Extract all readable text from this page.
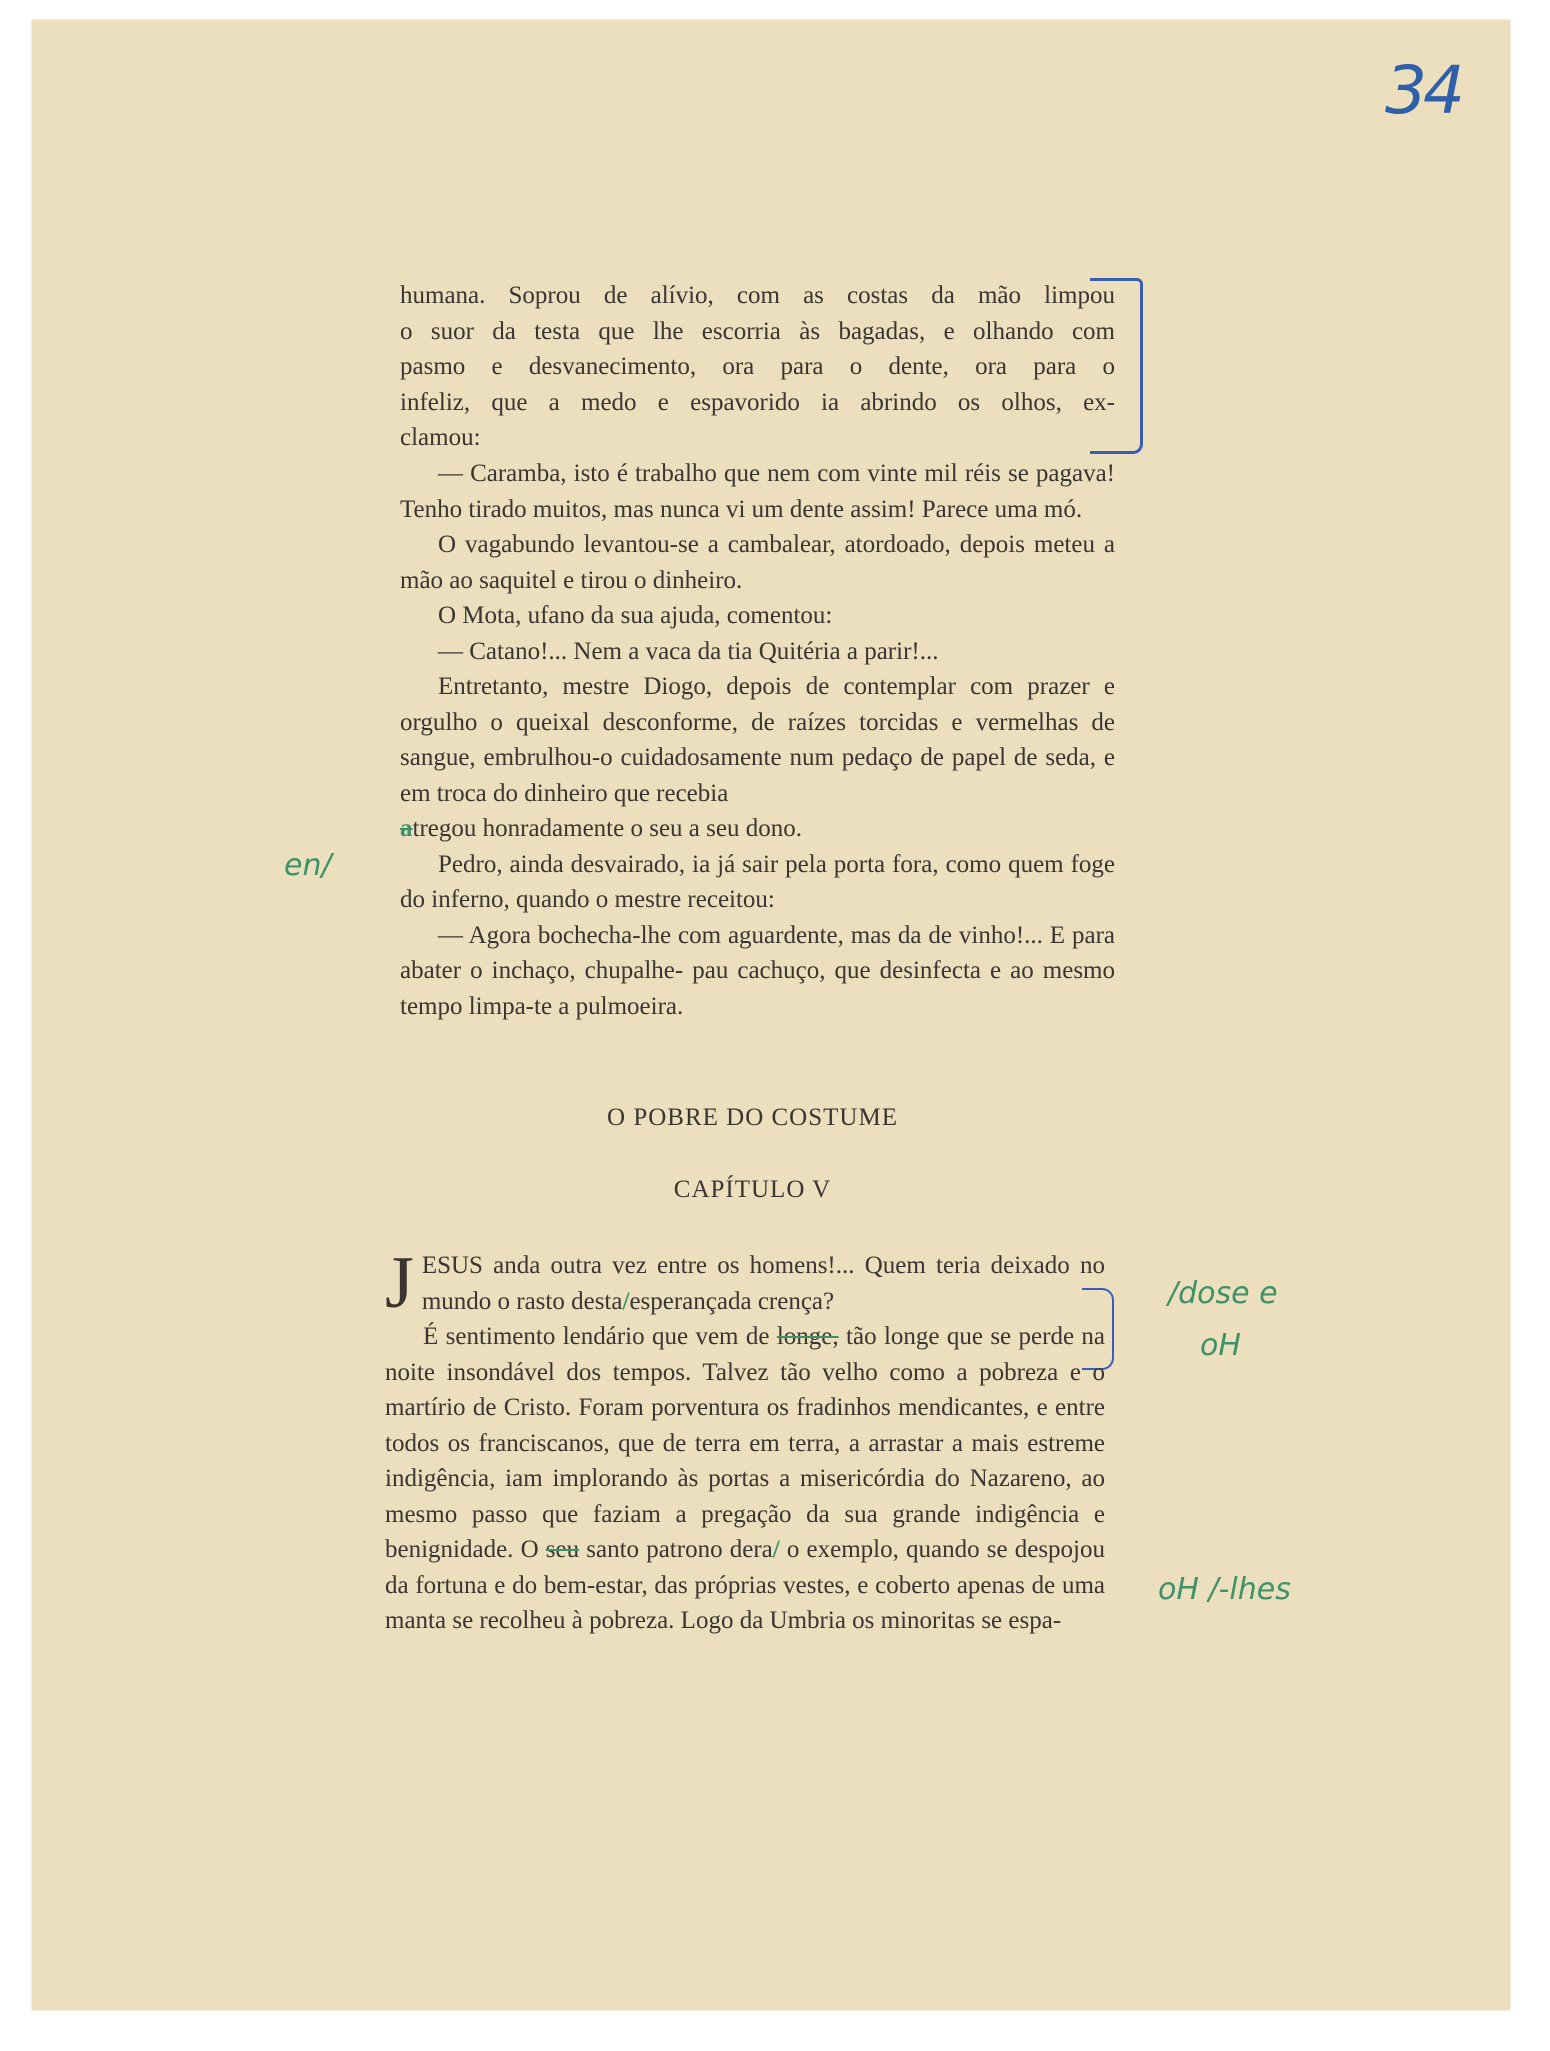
34
humana. Soprou de alívio, com as costas da mão limpou
o suor da testa que lhe escorria às bagadas, e olhando com
pasmo e desvanecimento, ora para o dente, ora para o
infeliz, que a medo e espavorido ia abrindo os olhos, ex-
clamou:
— Caramba, isto é trabalho que nem com vinte mil réis se pagava! Tenho tirado muitos, mas nunca vi um dente assim! Parece uma mó.
O vagabundo levantou-se a cambalear, atordoado, depois meteu a mão ao saquitel e tirou o dinheiro.
O Mota, ufano da sua ajuda, comentou:
— Catano!... Nem a vaca da tia Quitéria a parir!...
Entretanto, mestre Diogo, depois de contemplar com prazer e orgulho o queixal desconforme, de raízes torcidas e vermelhas de sangue, embrulhou-o cuidadosamente num pedaço de papel de seda, e em troca do dinheiro que recebia
atregou honradamente o seu a seu dono.
Pedro, ainda desvairado, ia já sair pela porta fora, como quem foge do inferno, quando o mestre receitou:
— Agora bochecha-lhe com aguardente, mas da de vinho!... E para abater o inchaço, chupalhe- pau cachuço, que desinfecta e ao mesmo tempo limpa-te a pulmoeira.
O POBRE DO COSTUME
CAPÍTULO V
J ESUS anda outra vez entre os homens!... Quem teria deixado no mundo o rasto desta/esperançada crença?
É sentimento lendário que vem de longe, tão longe que se perde na noite insondável dos tempos. Talvez tão velho como a pobreza e o martírio de Cristo. Foram porventura os fradinhos mendicantes, e entre todos os franciscanos, que de terra em terra, a arrastar a mais estreme indigência, iam implorando às portas a misericórdia do Nazareno, ao mesmo passo que faziam a pregação da sua grande indigência e benignidade. O seu santo patrono dera/ o exemplo, quando se despojou da fortuna e do bem-estar, das próprias vestes, e coberto apenas de uma manta se recolheu à pobreza. Logo da Umbria os minoritas se espa-
en/
/dose e
oH
oH /-lhes
